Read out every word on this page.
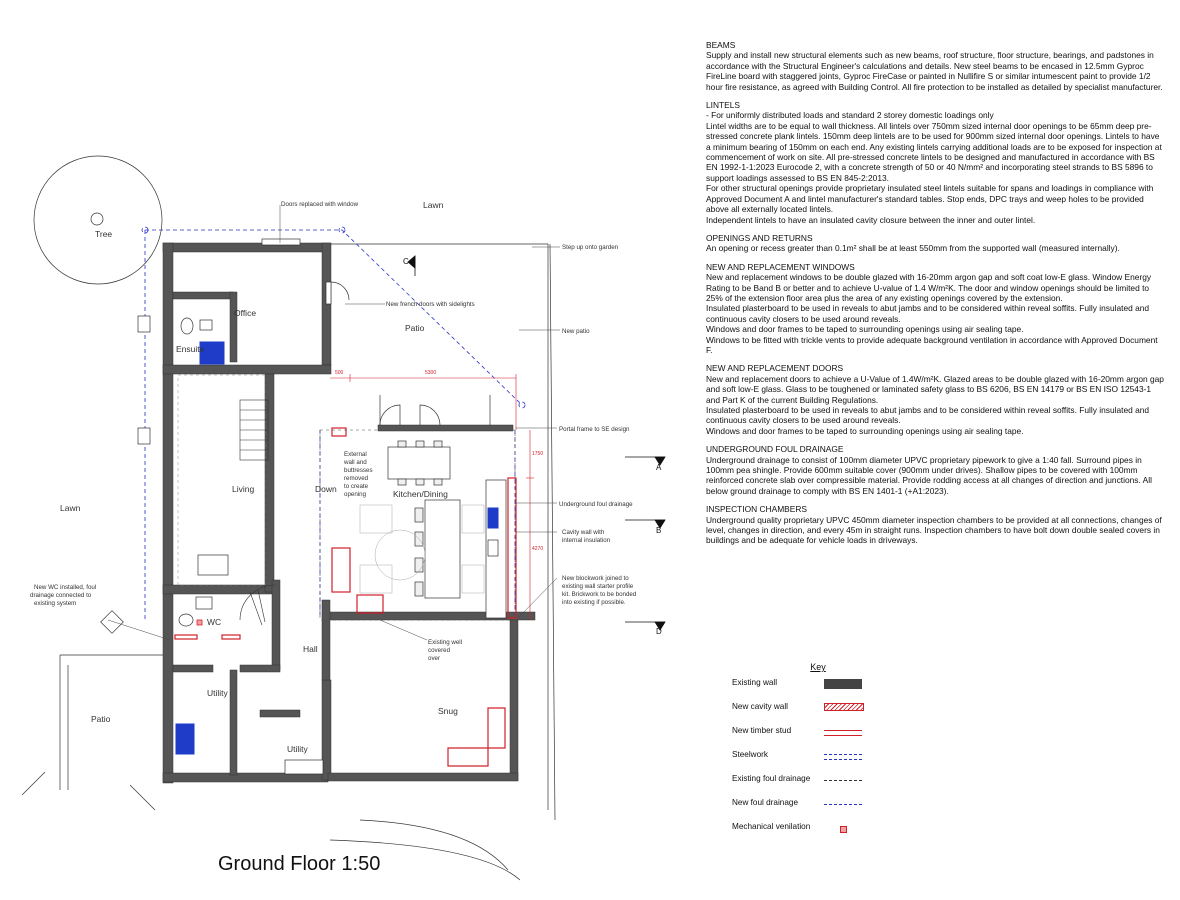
Tree
500	5300
1750
4270
A
B
D
C
Office
Ensuite
Living	Kitchen/Dining
Down
Hall
WC
Utility
Utility
Snug
Patio
Patio
Lawn
Lawn
Doors replaced with window
Step up onto garden
New french doors with sidelights
New patio
Portal frame to SE design
Underground foul drainage
External
wall and
buttresses
removed
to create
opening
Cavity wall with
internal insulation
New blockwork joined to
existing wall starter profile
kit. Brickwork to be bonded
into existing if possible.
New WC installed, foul
drainage connected to
existing system
Existing well
covered
over
Ground Floor 1:50
BEAMS

Supply and install new structural elements such as new beams, roof structure, floor structure, bearings, and padstones in accordance with the Structural Engineer's calculations and details. New steel beams to be encased in 12.5mm Gyproc FireLine board with staggered joints, Gyproc FireCase or painted in Nullifire S or similar intumescent paint to provide 1/2 hour fire resistance, as agreed with Building Control. All fire protection to be installed as detailed by specialist manufacturer.

LINTELS

- For uniformly distributed loads and standard 2 storey domestic loadings only

Lintel widths are to be equal to wall thickness. All lintels over 750mm sized internal door openings to be 65mm deep pre-stressed concrete plank lintels. 150mm deep lintels are to be used for 900mm sized internal door openings. Lintels to have a minimum bearing of 150mm on each end. Any existing lintels carrying additional loads are to be exposed for inspection at commencement of work on site. All pre-stressed concrete lintels to be designed and manufactured in accordance with BS EN 1992-1-1:2023 Eurocode 2, with a concrete strength of 50 or 40 N/mm² and incorporating steel strands to BS 5896 to support loadings assessed to BS EN 845-2:2013.

For other structural openings provide proprietary insulated steel lintels suitable for spans and loadings in compliance with Approved Document A and lintel manufacturer's standard tables. Stop ends, DPC trays and weep holes to be provided above all externally located lintels.

Independent lintels to have an insulated cavity closure between the inner and outer lintel.

OPENINGS AND RETURNS

An opening or recess greater than 0.1m² shall be at least 550mm from the supported wall (measured internally).

NEW AND REPLACEMENT WINDOWS

New and replacement windows to be double glazed with 16-20mm argon gap and soft coat low-E glass. Window Energy Rating to be Band B or better and to achieve U-value of 1.4 W/m²K. The door and window openings should be limited to 25% of the extension floor area plus the area of any existing openings covered by the extension.

Insulated plasterboard to be used in reveals to abut jambs and to be considered within reveal soffits. Fully insulated and continuous cavity closers to be used around reveals.

Windows and door frames to be taped to surrounding openings using air sealing tape.

Windows to be fitted with trickle vents to provide adequate background ventilation in accordance with Approved Document F.

NEW AND REPLACEMENT DOORS

New and replacement doors to achieve a U-Value of 1.4W/m²K. Glazed areas to be double glazed with 16-20mm argon gap and soft low-E glass. Glass to be toughened or laminated safety glass to BS 6206, BS EN 14179 or BS EN ISO 12543-1 and Part K of the current Building Regulations.

Insulated plasterboard to be used in reveals to abut jambs and to be considered within reveal soffits. Fully insulated and continuous cavity closers to be used around reveals.

Windows and door frames to be taped to surrounding openings using air sealing tape.

UNDERGROUND FOUL DRAINAGE

Underground drainage to consist of 100mm diameter UPVC proprietary pipework to give a 1:40 fall. Surround pipes in 100mm pea shingle. Provide 600mm suitable cover (900mm under drives). Shallow pipes to be covered with 100mm reinforced concrete slab over compressible material. Provide rodding access at all changes of direction and junctions. All below ground drainage to comply with BS EN 1401-1 (+A1:2023).

INSPECTION CHAMBERS

Underground quality proprietary UPVC 450mm diameter inspection chambers to be provided at all connections, changes of level, changes in direction, and every 45m in straight runs. Inspection chambers to have bolt down double sealed covers in buildings and be adequate for vehicle loads in driveways.

Key
Existing wall
New cavity wall
New timber stud
Steelwork
Existing foul drainage
New foul drainage
Mechanical venilation
